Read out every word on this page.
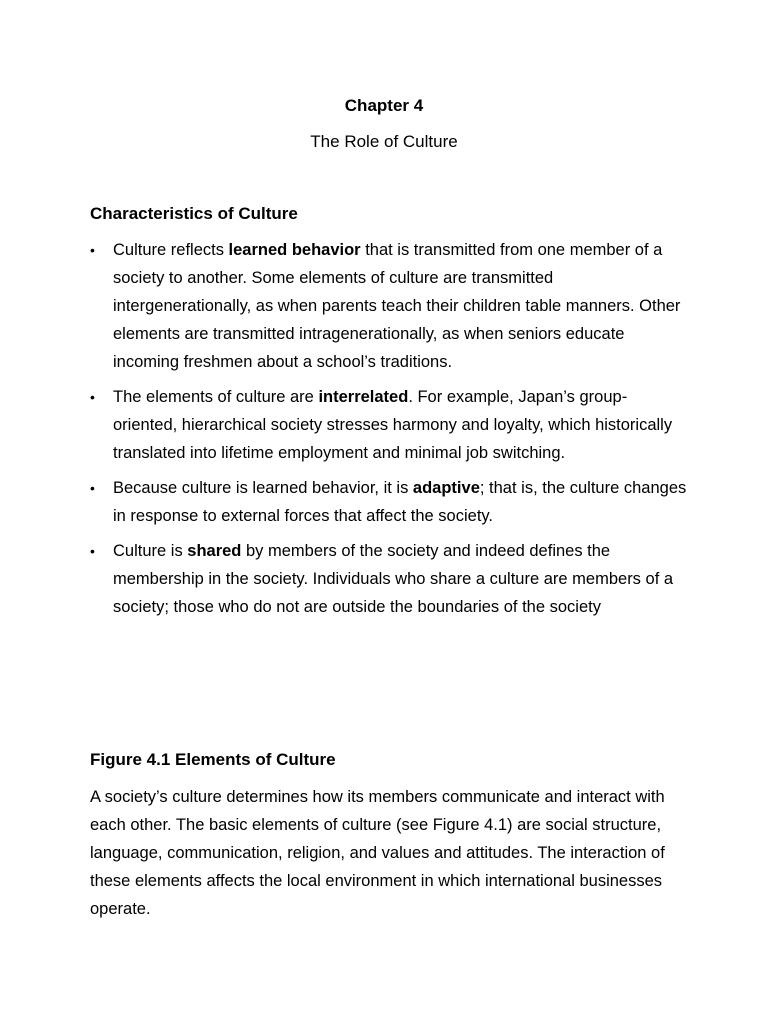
Chapter 4
The Role of Culture
Characteristics of Culture
•	Culture reflects learned behavior that is transmitted from one member of a society to another. Some elements of culture are transmitted intergenerationally, as when parents teach their children table manners. Other elements are transmitted intragenerationally, as when seniors educate incoming freshmen about a school’s traditions.
•	The elements of culture are interrelated. For example, Japan’s group-oriented, hierarchical society stresses harmony and loyalty, which historically translated into lifetime employment and minimal job switching.
•	Because culture is learned behavior, it is adaptive; that is, the culture changes in response to external forces that affect the society.
•	Culture is shared by members of the society and indeed defines the membership in the society. Individuals who share a culture are members of a society; those who do not are outside the boundaries of the society
Figure 4.1 Elements of Culture

A society’s culture determines how its members communicate and interact with each other. The basic elements of culture (see Figure 4.1) are social structure, language, communication, religion, and values and attitudes. The interaction of these elements affects the local environment in which international businesses operate.
